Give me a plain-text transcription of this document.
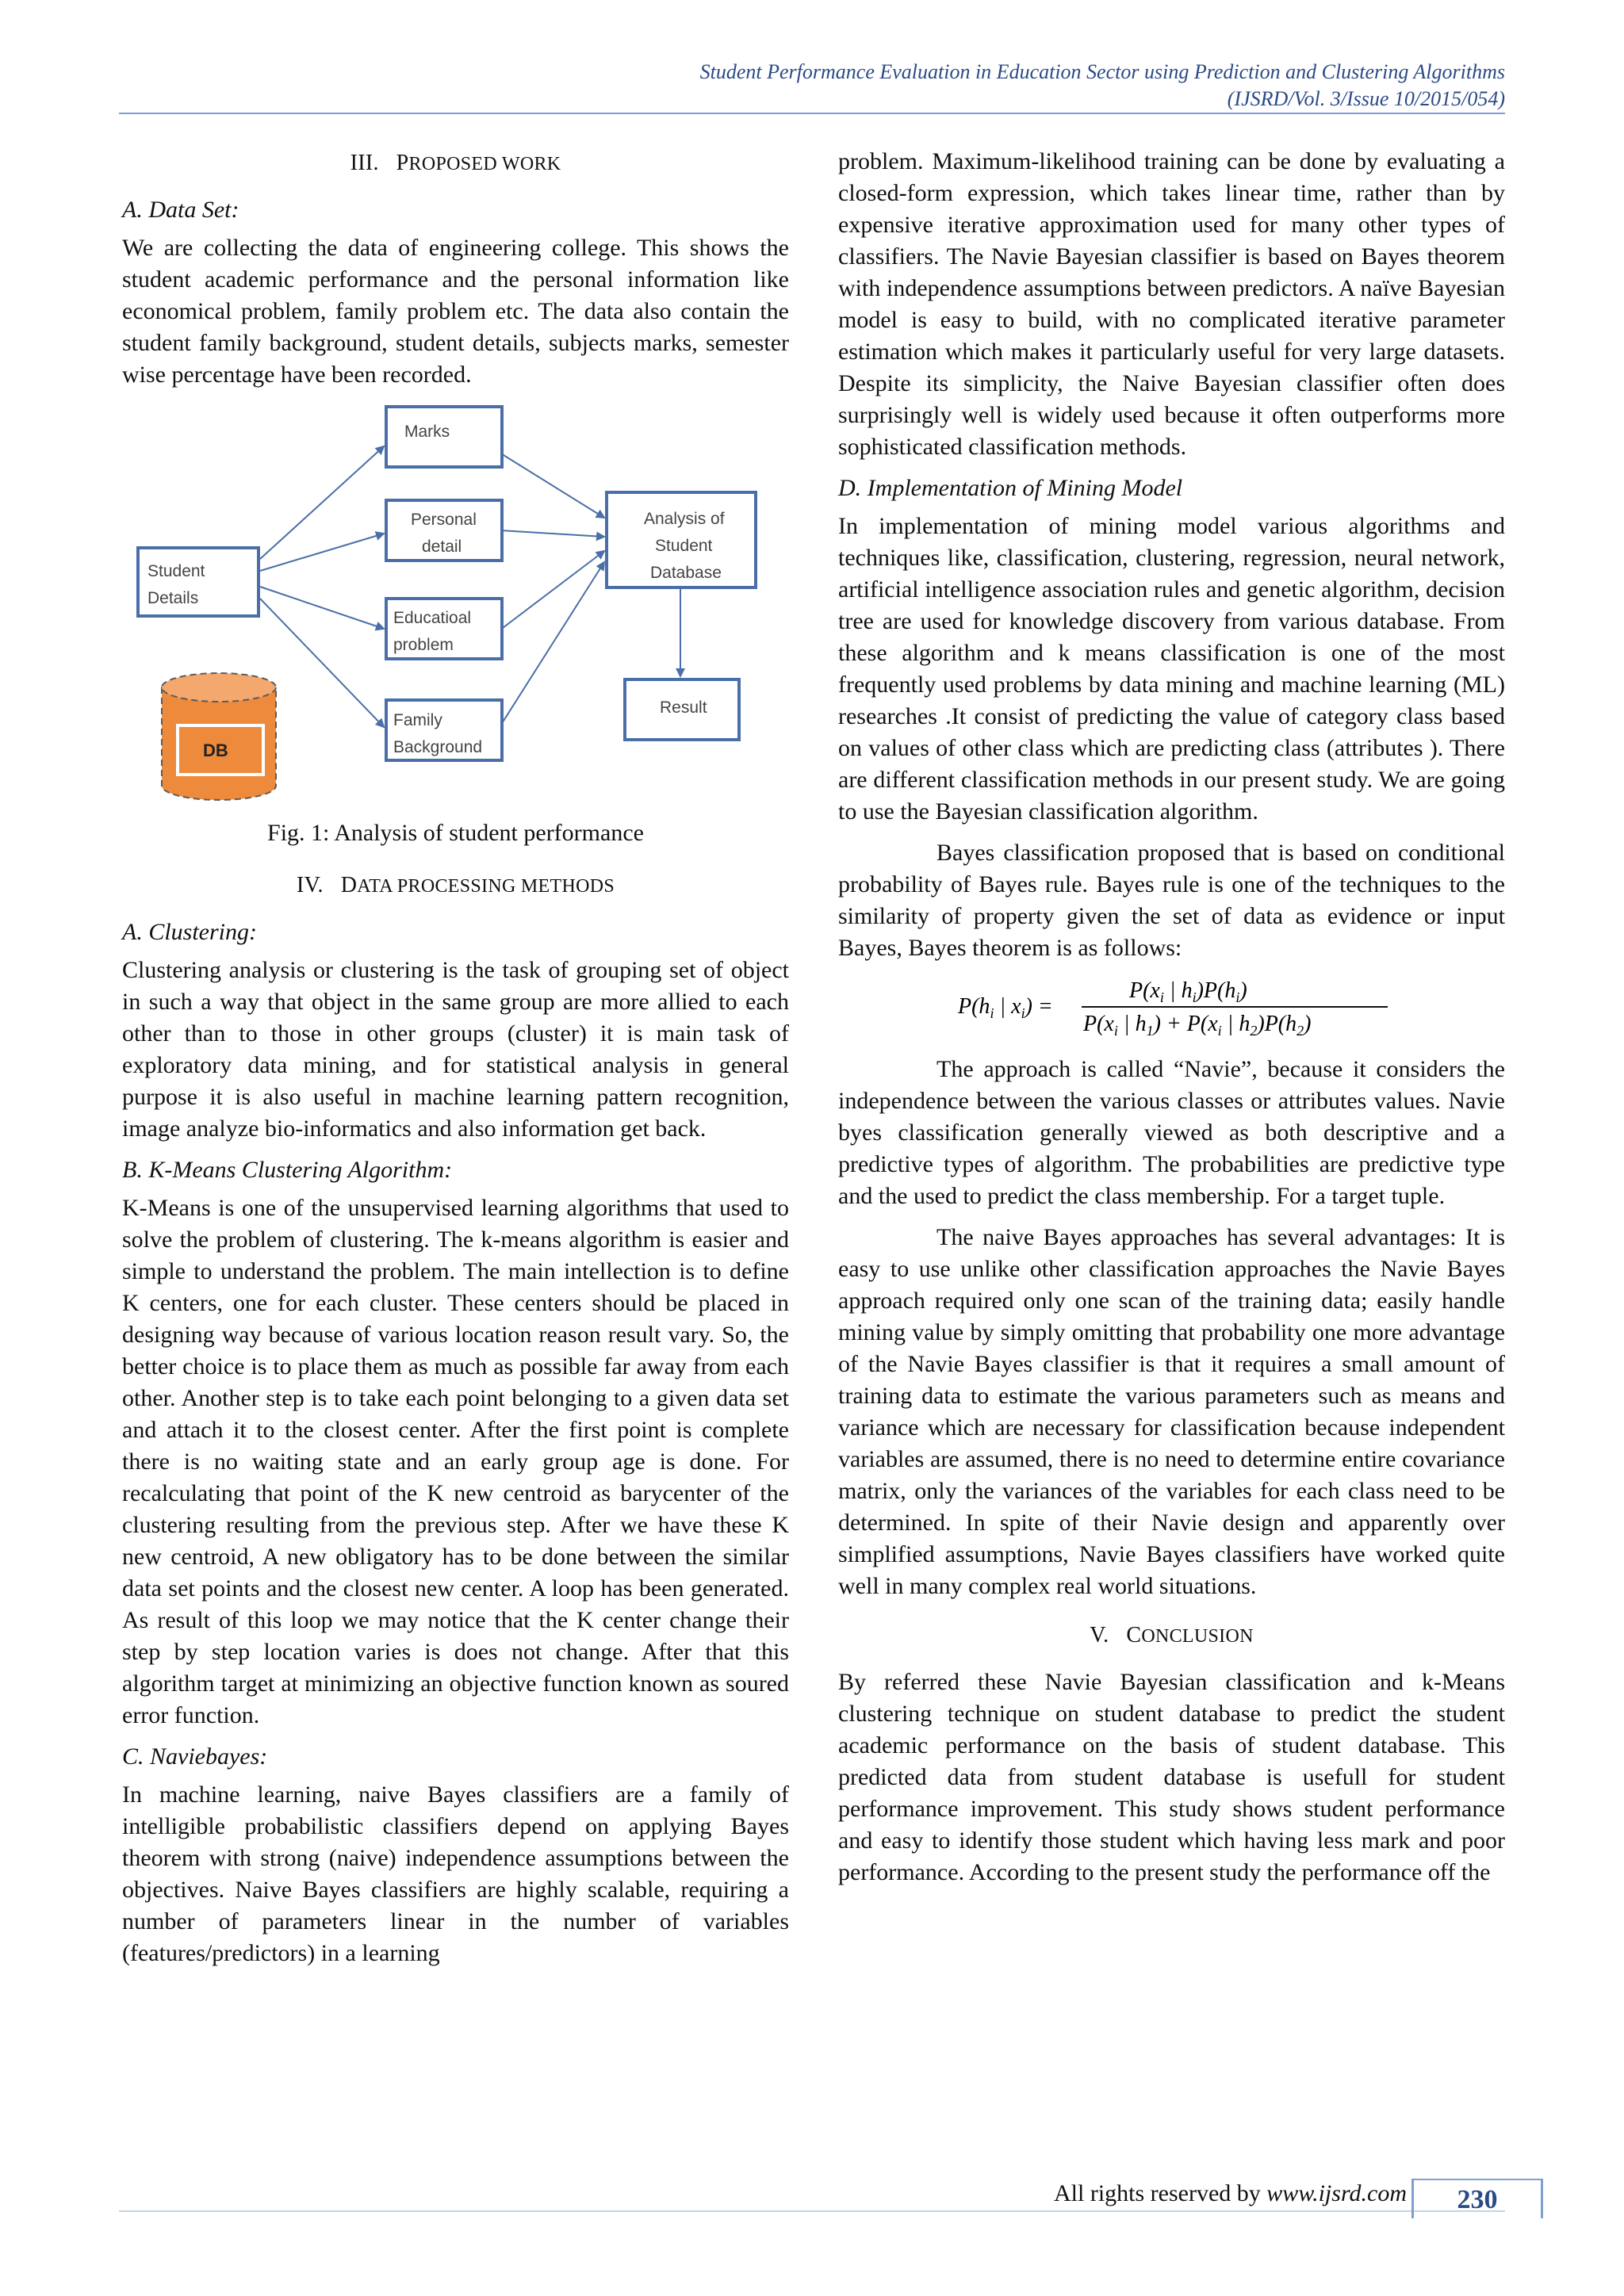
Student Performance Evaluation in Education Sector using Prediction and Clustering Algorithms
(IJSRD/Vol. 3/Issue 10/2015/054)
III. PROPOSED WORK
A. Data Set:

We are collecting the data of engineering college. This shows the student academic performance and the personal information like economical problem, family problem etc. The data also contain the student family background, student details, subjects marks, semester wise percentage have been recorded.

Marks
Personal
detail
Educatioal
problem
Family
Background
Student
Details
Analysis of
Student
Database
Result
DB
Fig. 1: Analysis of student performance
IV. DATA PROCESSING METHODS
A. Clustering:

Clustering analysis or clustering is the task of grouping set of object in such a way that object in the same group are more allied to each other than to those in other groups (cluster) it is main task of exploratory data mining, and for statistical analysis in general purpose it is also useful in machine learning pattern recognition, image analyze bio-informatics and also information get back.

B. K-Means Clustering Algorithm:

K-Means is one of the unsupervised learning algorithms that used to solve the problem of clustering. The k-means algorithm is easier and simple to understand the problem. The main intellection is to define K centers, one for each cluster. These centers should be placed in designing way because of various location reason result vary. So, the better choice is to place them as much as possible far away from each other. Another step is to take each point belonging to a given data set and attach it to the closest center. After the first point is complete there is no waiting state and an early group age is done. For recalculating that point of the K new centroid as barycenter of the clustering resulting from the previous step. After we have these K new centroid, A new obligatory has to be done between the similar data set points and the closest new center. A loop has been generated. As result of this loop we may notice that the K center change their step by step location varies is does not change. After that this algorithm target at minimizing an objective function known as soured error function.

C. Naviebayes:

In machine learning, naive Bayes classifiers are a family of intelligible probabilistic classifiers depend on applying Bayes theorem with strong (naive) independence assumptions between the objectives. Naive Bayes classifiers are highly scalable, requiring a number of parameters linear in the number of variables (features/predictors) in a learning

problem. Maximum-likelihood training can be done by evaluating a closed-form expression, which takes linear time, rather than by expensive iterative approximation used for many other types of classifiers. The Navie Bayesian classifier is based on Bayes theorem with independence assumptions between predictors. A naïve Bayesian model is easy to build, with no complicated iterative parameter estimation which makes it particularly useful for very large datasets. Despite its simplicity, the Naive Bayesian classifier often does surprisingly well is widely used because it often outperforms more sophisticated classification methods.

D. Implementation of Mining Model

In implementation of mining model various algorithms and techniques like, classification, clustering, regression, neural network, artificial intelligence association rules and genetic algorithm, decision tree are used for knowledge discovery from various database. From these algorithm and k means classification is one of the most frequently used problems by data mining and machine learning (ML) researches .It consist of predicting the value of category class based on values of other class which are predicting class (attributes ). There are different classification methods in our present study. We are going to use the Bayesian classification algorithm.

Bayes classification proposed that is based on conditional probability of Bayes rule. Bayes rule is one of the techniques to the similarity of property given the set of data as evidence or input Bayes, Bayes theorem is as follows:

$P(h_i$ | $x_i$) =
$P(x_i$ | $h_i)P(h_i)$
$P(x_i$ | $h_1) + P(x_i$ | $h_2)P(h_2)$

The approach is called “Navie”, because it considers the independence between the various classes or attributes values. Navie byes classification generally viewed as both descriptive and a predictive types of algorithm. The probabilities are predictive type and the used to predict the class membership. For a target tuple.

The naive Bayes approaches has several advantages: It is easy to use unlike other classification approaches the Navie Bayes approach required only one scan of the training data; easily handle mining value by simply omitting that probability one more advantage of the Navie Bayes classifier is that it requires a small amount of training data to estimate the various parameters such as means and variance which are necessary for classification because independent variables are assumed, there is no need to determine entire covariance matrix, only the variances of the variables for each class need to be determined. In spite of their Navie design and apparently over simplified assumptions, Navie Bayes classifiers have worked quite well in many complex real world situations.

V. CONCLUSION

By referred these Navie Bayesian classification and k-Means clustering technique on student database to predict the student academic performance on the basis of student database. This predicted data from student database is usefull for student performance improvement. This study shows student performance and easy to identify those student which having less mark and poor performance. According to the present study the performance off the

All rights reserved by www.ijsrd.com	230
